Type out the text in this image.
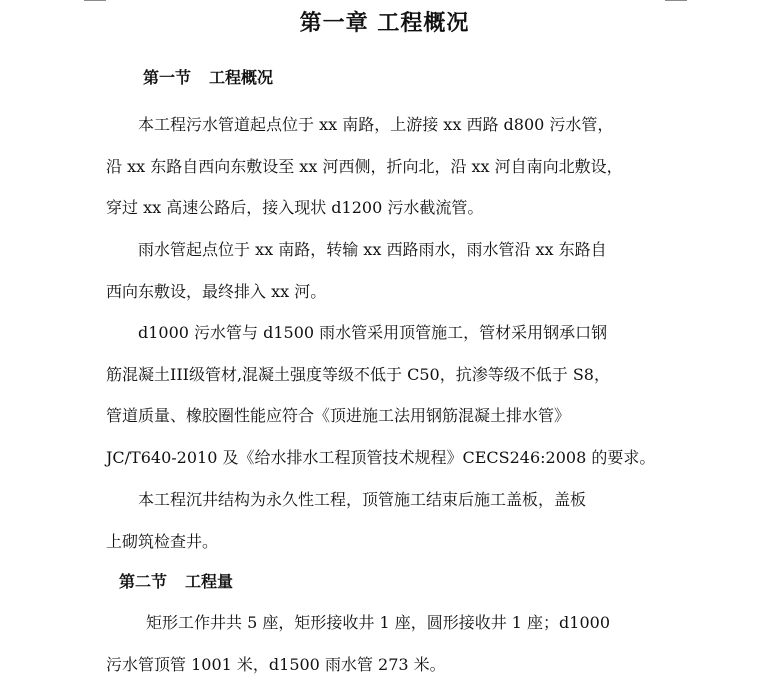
第一章 工程概况
第一节 工程概况
本工程污水管道起点位于 xx 南路，上游接 xx 西路 d800 污水管，
沿 xx 东路自西向东敷设至 xx 河西侧，折向北，沿 xx 河自南向北敷设，
穿过 xx 高速公路后，接入现状 d1200 污水截流管。
雨水管起点位于 xx 南路，转输 xx 西路雨水，雨水管沿 xx 东路自
西向东敷设，最终排入 xx 河。
d1000 污水管与 d1500 雨水管采用顶管施工，管材采用钢承口钢
筋混凝土III级管材,混凝土强度等级不低于 C50，抗渗等级不低于 S8，
管道质量、橡胶圈性能应符合《顶进施工法用钢筋混凝土排水管》
JC/T640-2010 及《给水排水工程顶管技术规程》CECS246:2008 的要求。
本工程沉井结构为永久性工程，顶管施工结束后施工盖板，盖板
上砌筑检查井。
第二节 工程量
矩形工作井共 5 座，矩形接收井 1 座，圆形接收井 1 座；d1000
污水管顶管 1001 米，d1500 雨水管 273 米。
